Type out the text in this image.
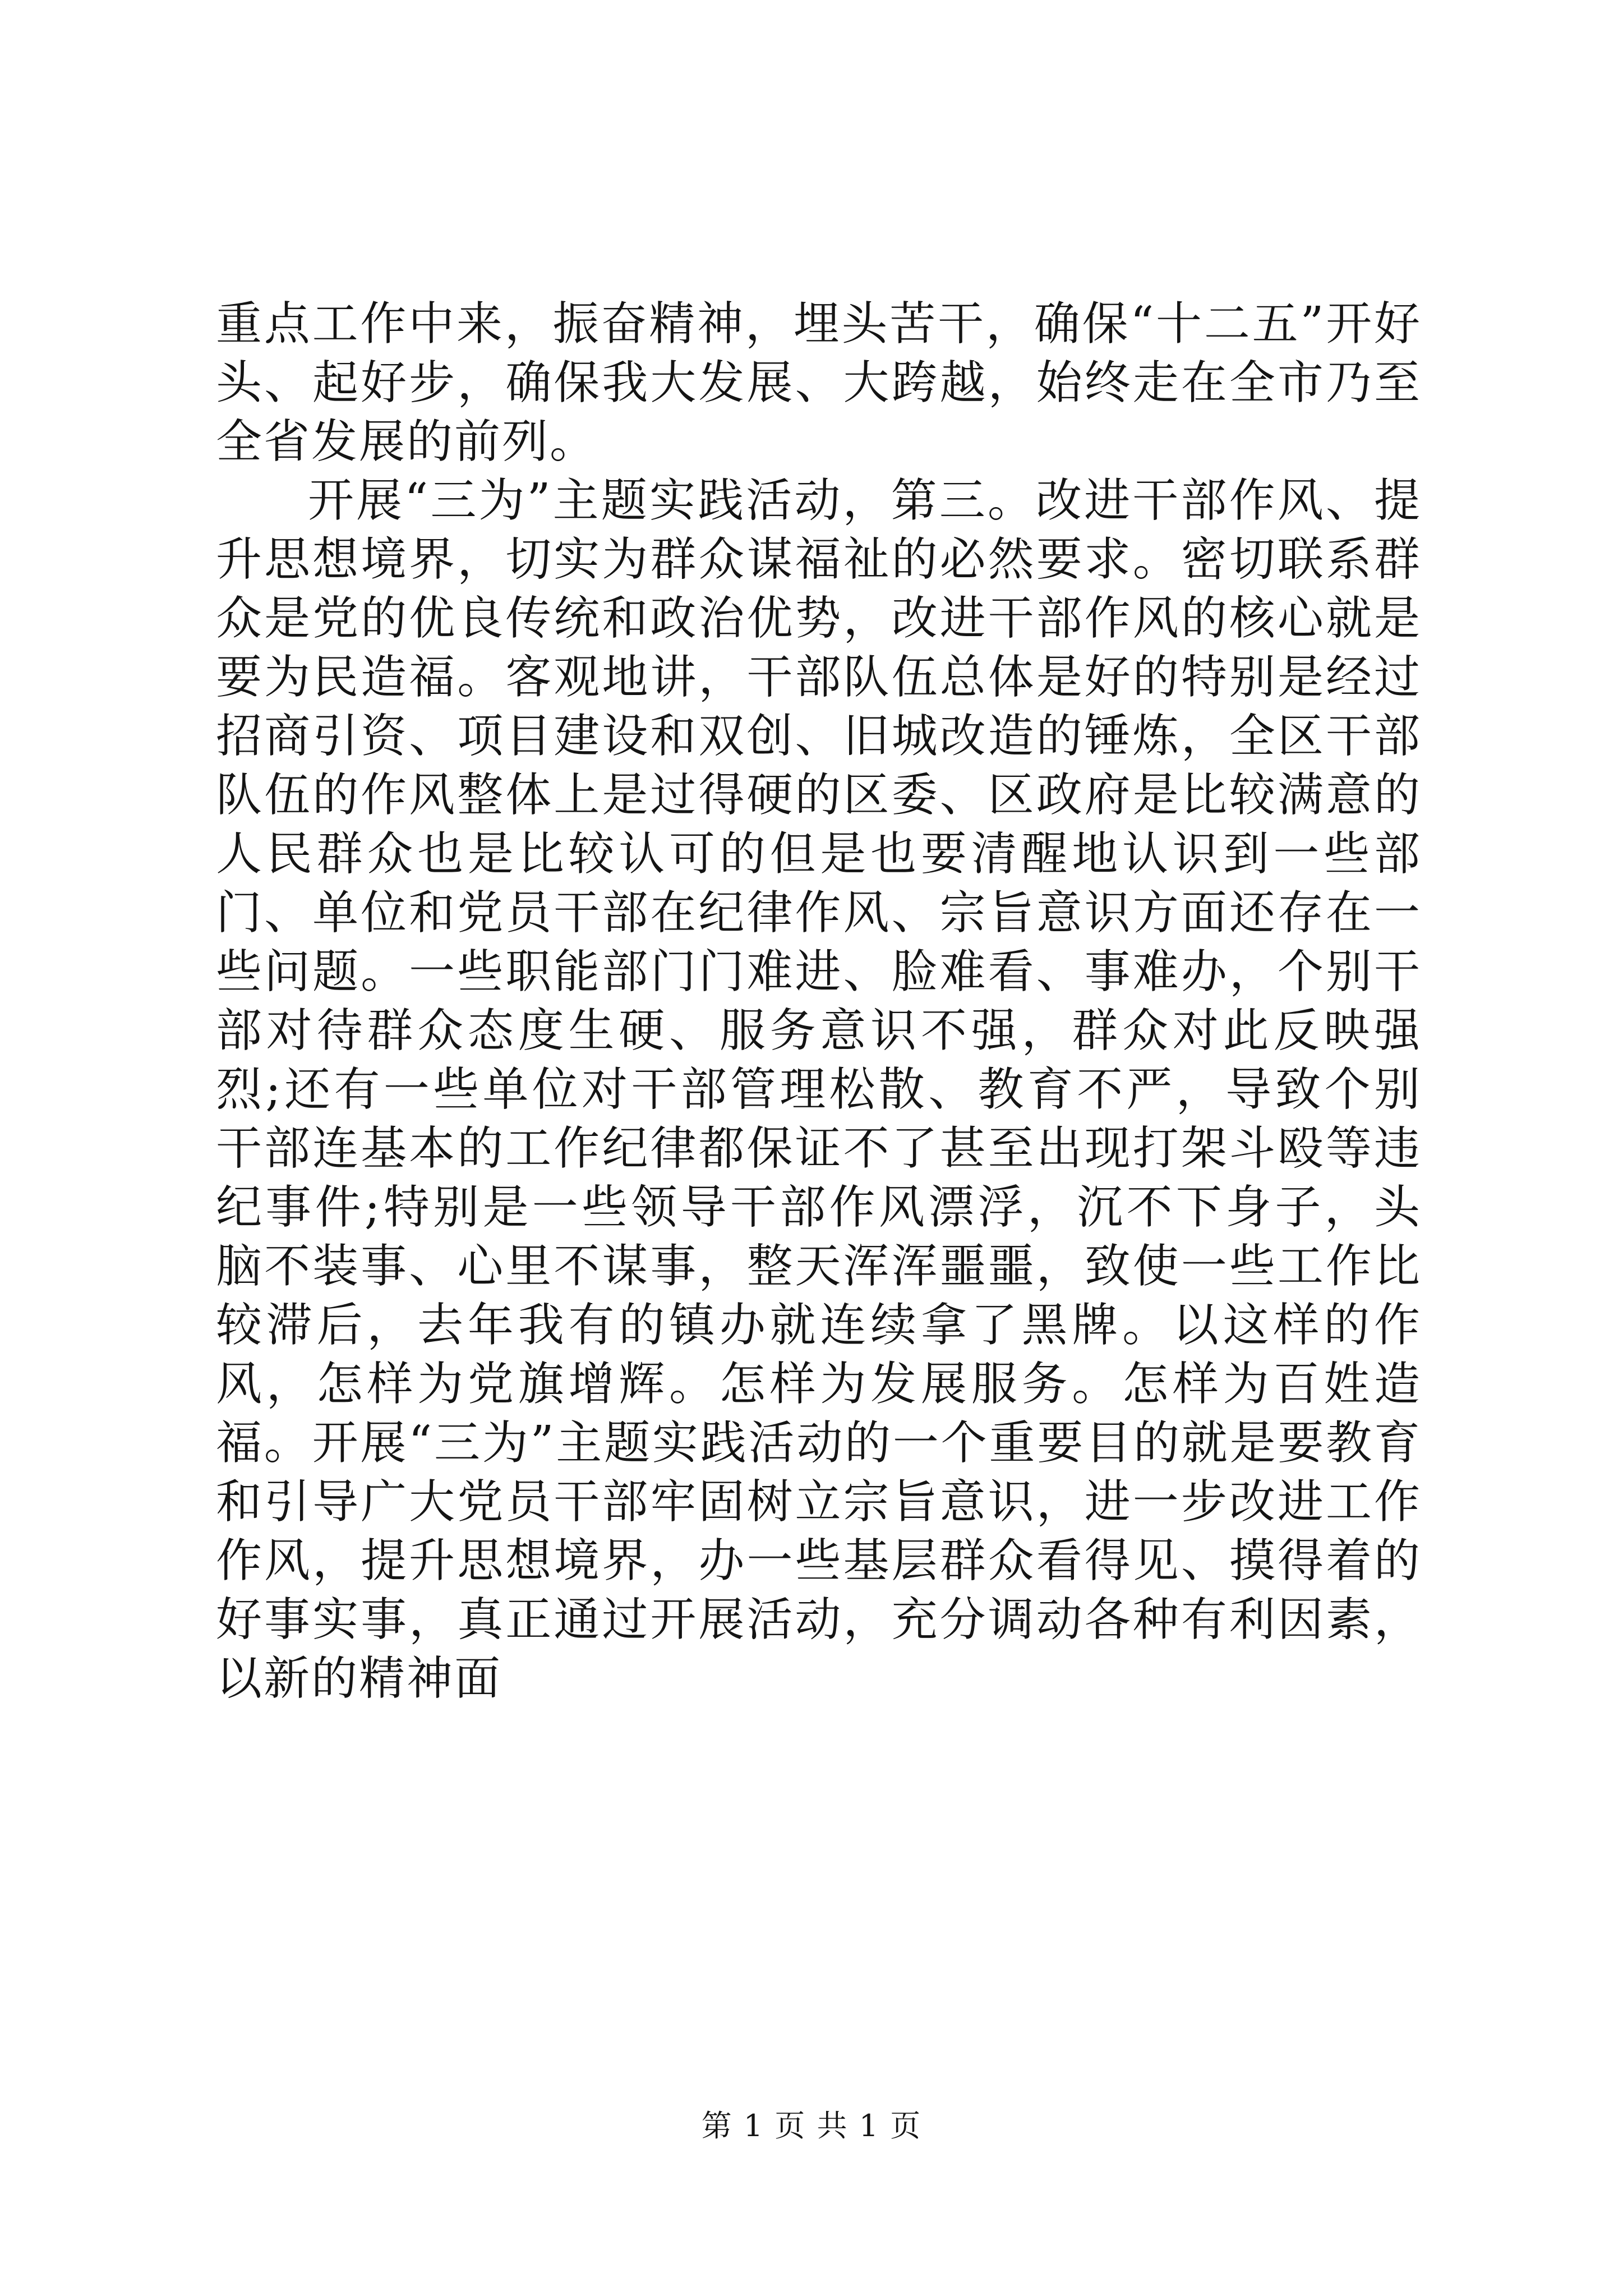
重点工作中来，振奋精神，埋头苦干，确保“十二五”开好头、起好步，确保我大发展、大跨越，始终走在全市乃至全省发展的前列。

开展“三为”主题实践活动，第三。改进干部作风、提升思想境界，切实为群众谋福祉的必然要求。密切联系群众是党的优良传统和政治优势，改进干部作风的核心就是要为民造福。客观地讲，干部队伍总体是好的特别是经过招商引资、项目建设和双创、旧城改造的锤炼，全区干部队伍的作风整体上是过得硬的区委、区政府是比较满意的人民群众也是比较认可的但是也要清醒地认识到一些部门、单位和党员干部在纪律作风、宗旨意识方面还存在一些问题。一些职能部门门难进、脸难看、事难办，个别干部对待群众态度生硬、服务意识不强，群众对此反映强烈;还有一些单位对干部管理松散、教育不严，导致个别干部连基本的工作纪律都保证不了甚至出现打架斗殴等违纪事件;特别是一些领导干部作风漂浮，沉不下身子，头脑不装事、心里不谋事，整天浑浑噩噩，致使一些工作比较滞后，去年我有的镇办就连续拿了黑牌。以这样的作风，怎样为党旗增辉。怎样为发展服务。怎样为百姓造福。开展“三为”主题实践活动的一个重要目的就是要教育和引导广大党员干部牢固树立宗旨意识，进一步改进工作作风，提升思想境界，办一些基层群众看得见、摸得着的好事实事，真正通过开展活动，充分调动各种有利因素，以新的精神面

第 1 页 共 1 页
